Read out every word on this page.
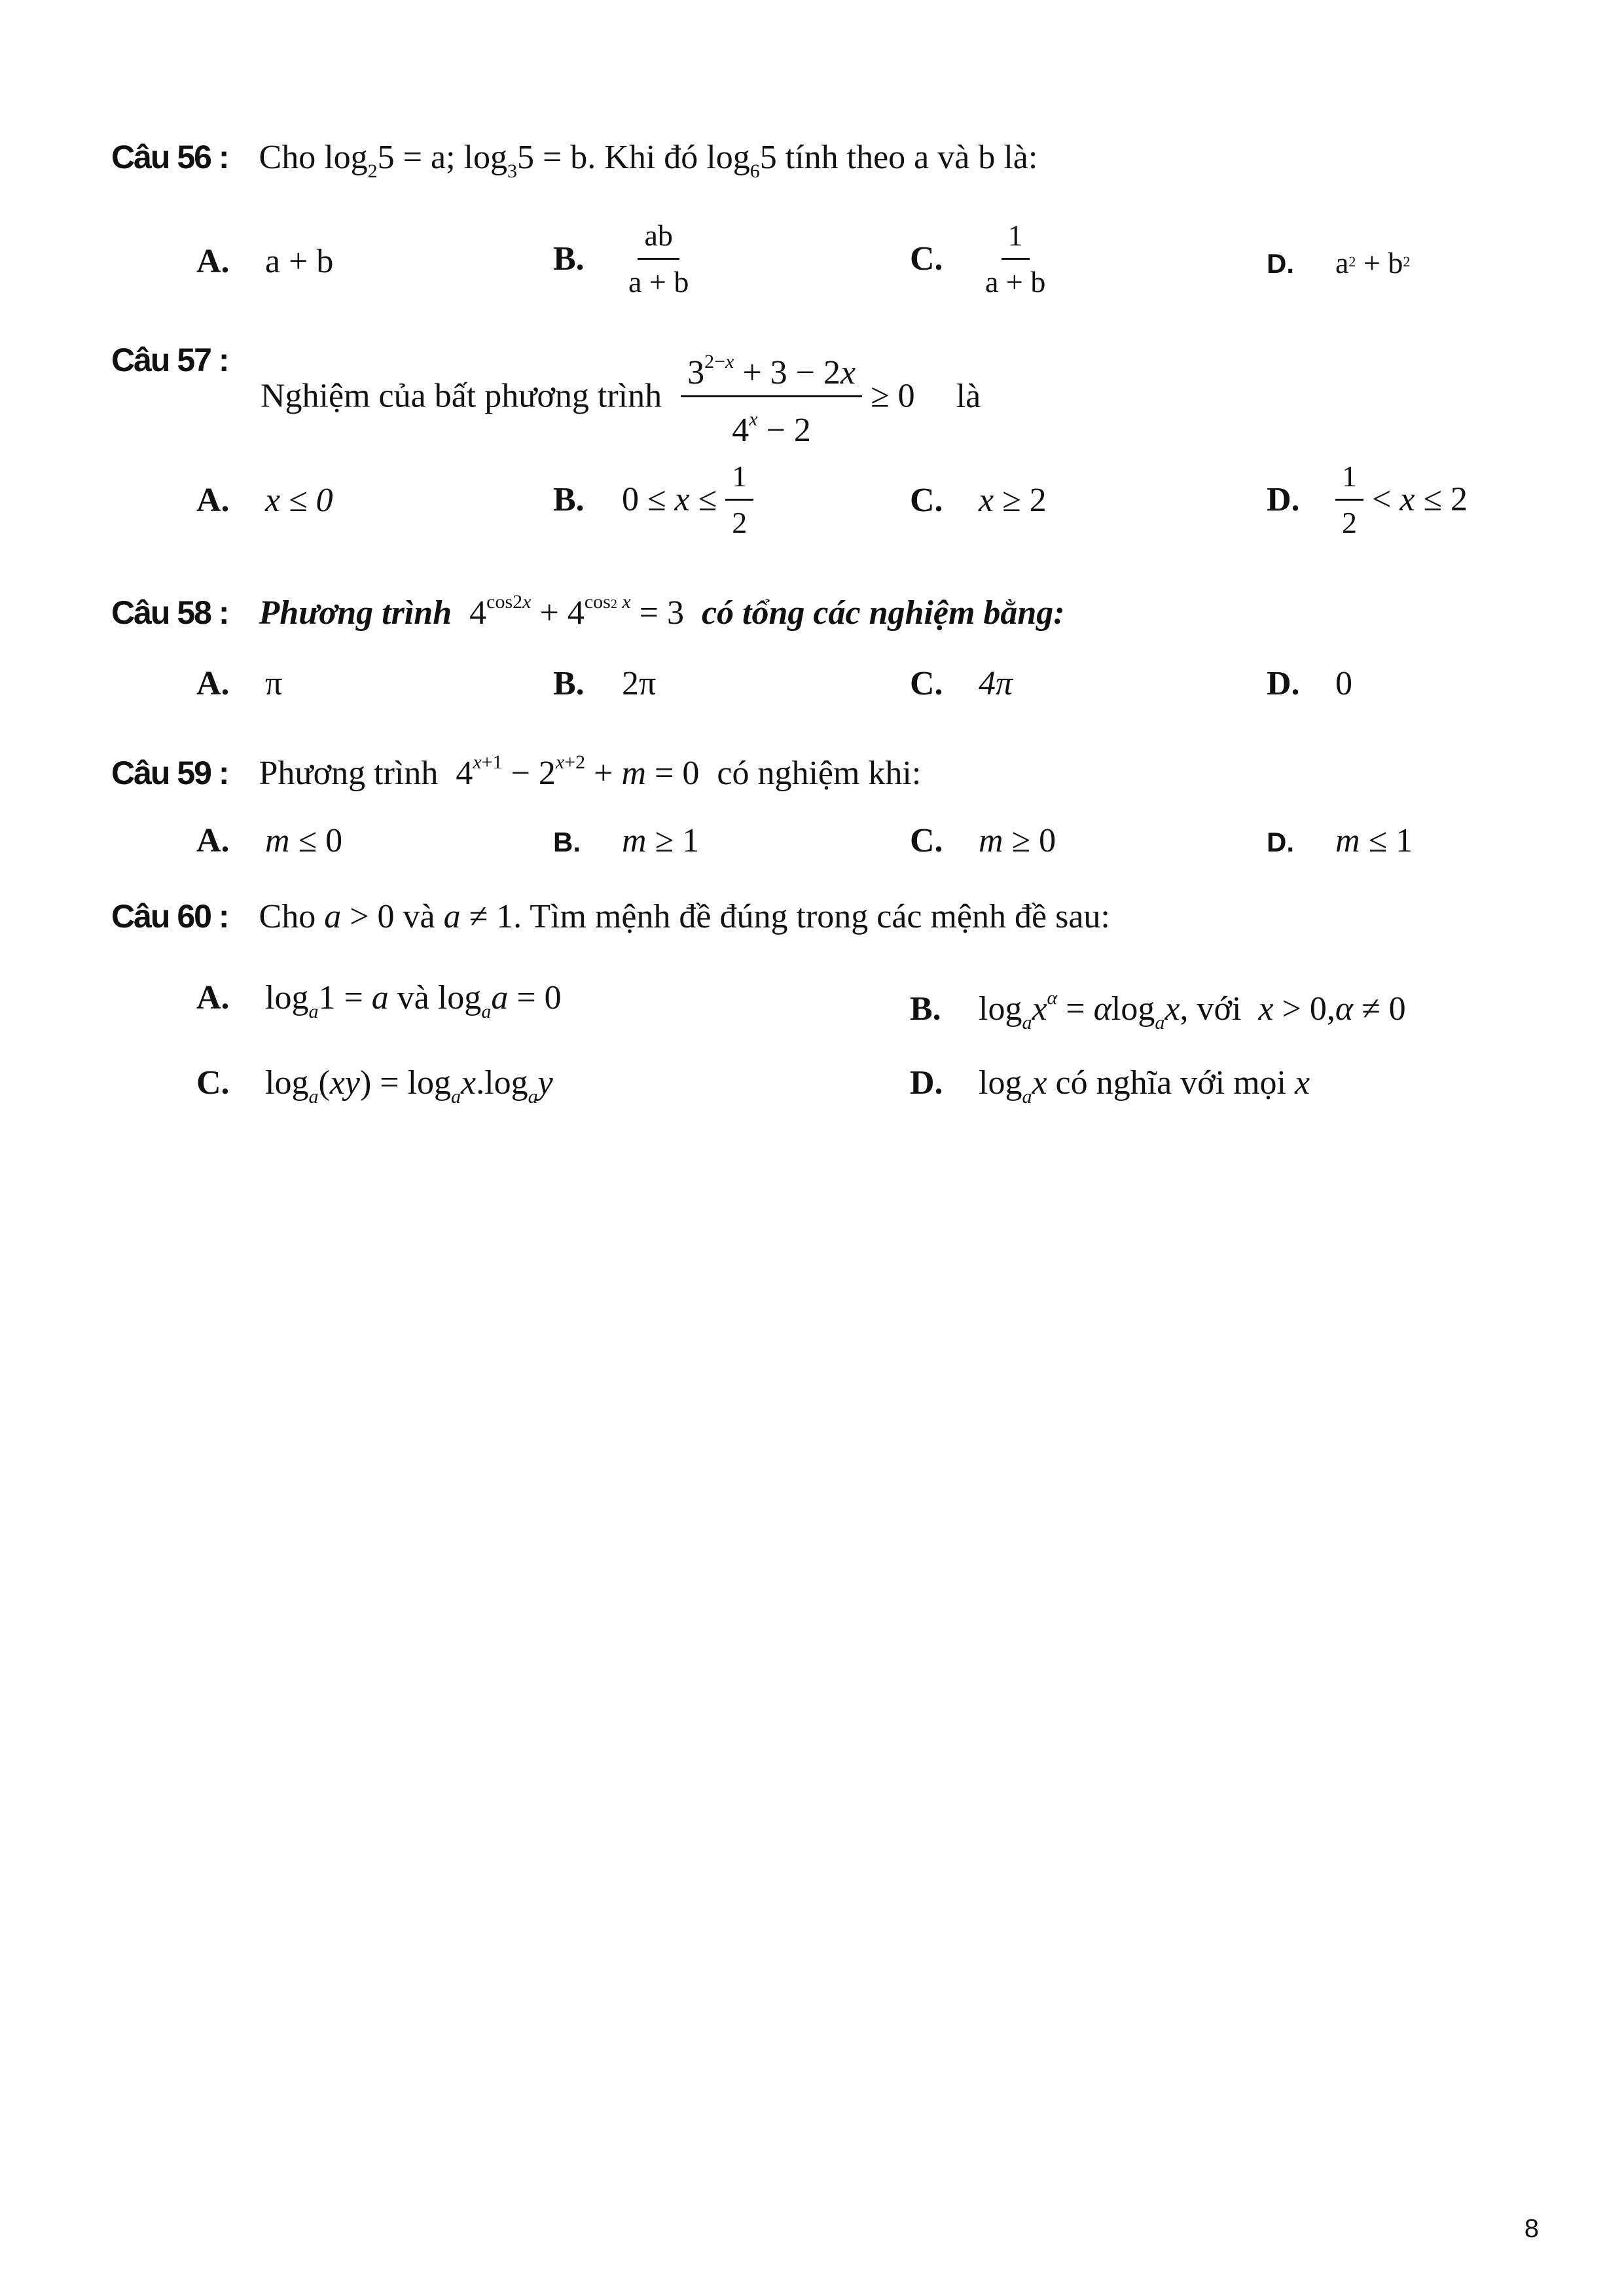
Câu 56 : Cho $\log_25 = a$; $\log_35 = b$. Khi đó $\log_65$ tính theo a và b là:
A. a + b	B. $\frac{ab}{a + b}$	C. $\frac{1}{a + b}$	D. $a^2 + b^2$
Câu 57 :
Nghiệm của bất phương trình $\frac{3^{2-x} + 3 - 2x}{4^x - 2} \ge 0$ là
A. x ≤ 0	B. $0 \le x \le \frac{1}{2}$	C. x ≥ 2	D. $\frac{1}{2} < x \le 2$
Câu 58 : Phương trình $4^{cos2x} + 4^{cos2 x} = 3$ có tổng các nghiệm bằng:
A. π	B. 2π	C. 4π	D. 0
Câu 59 : Phương trình $4^{x+1} - 2^{x+2} + m = 0$ có nghiệm khi:
A. m ≤ 0	B. m ≥ 1	C. m ≥ 0	D. m ≤ 1
Câu 60 : Cho a > 0 và a ≠ 1. Tìm mệnh đề đúng trong các mệnh đề sau:
A. $\log_a1 = a$ và $\log_aa = 0$	B. $\log_ax^\alpha = \alpha\log_ax$, với  x > 0,α ≠ 0
C. $\log_a(xy) = \log_ax.\log_ay$	D. $\log_ax$ có nghĩa với mọi x
8
